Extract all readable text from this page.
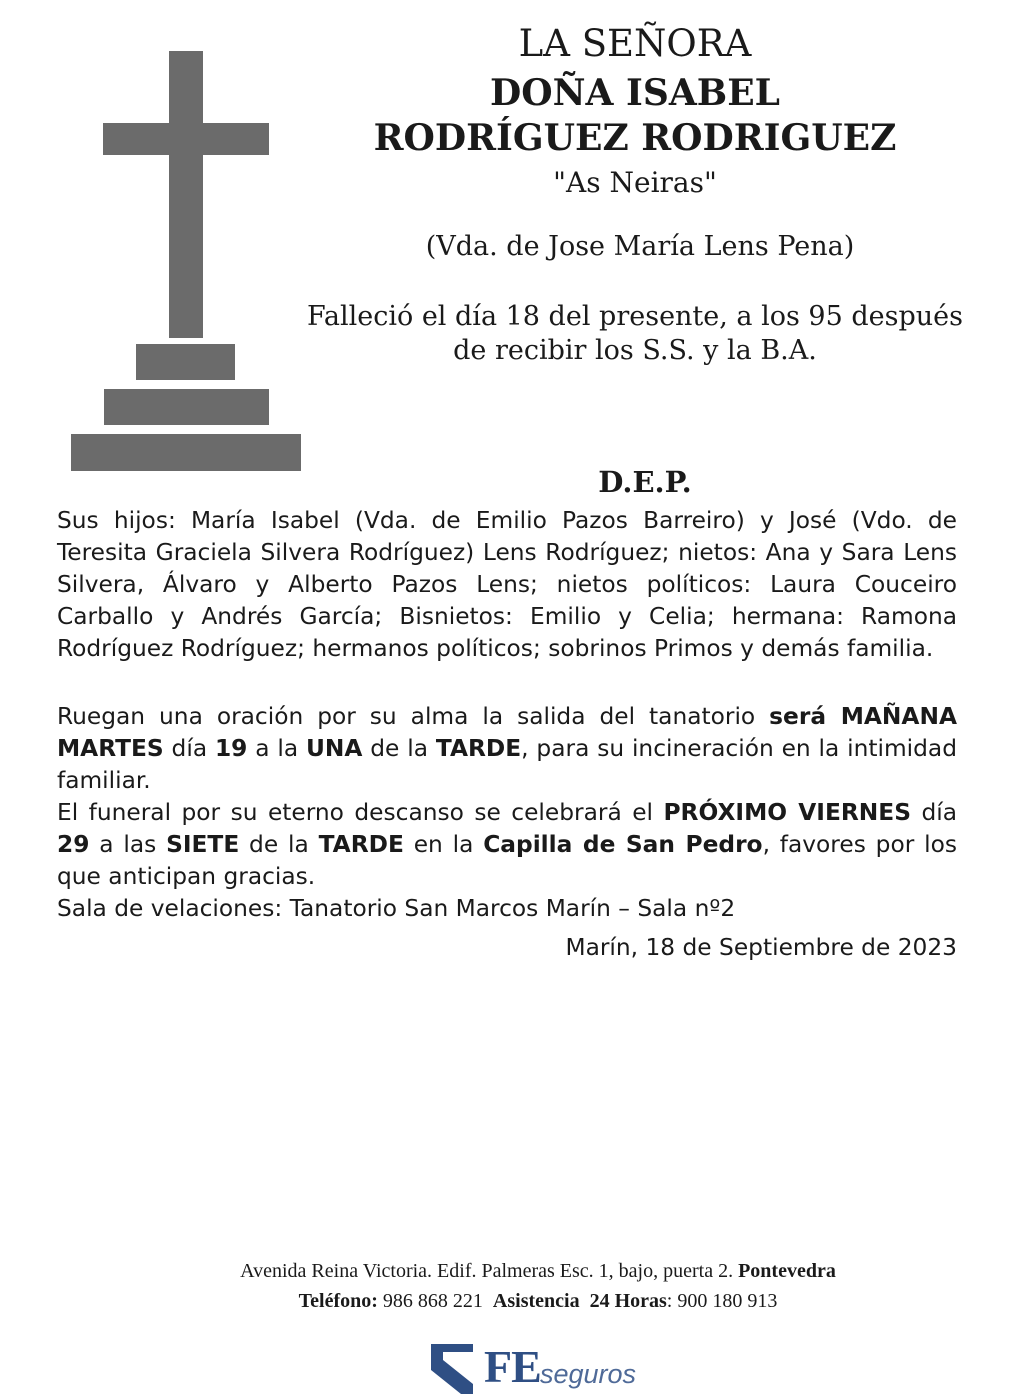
LA SEÑORA
DOÑA ISABEL
RODRÍGUEZ RODRIGUEZ
"As Neiras"
(Vda. de Jose María Lens Pena)
Falleció el día 18 del presente, a los 95 después
de recibir los S.S. y la B.A.
D.E.P.

Sus hijos: María Isabel (Vda. de Emilio Pazos Barreiro) y José (Vdo. de Teresita Graciela Silvera Rodríguez) Lens Rodríguez; nietos: Ana y Sara Lens Silvera, Álvaro y Alberto Pazos Lens; nietos políticos: Laura Couceiro Carballo y Andrés García; Bisnietos: Emilio y Celia; hermana: Ramona Rodríguez Rodríguez; hermanos políticos; sobrinos Primos y demás familia.

Ruegan una oración por su alma la salida del tanatorio será MAÑANA MARTES día 19 a la UNA de la TARDE, para su incineración en la intimidad familiar.

El funeral por su eterno descanso se celebrará el PRÓXIMO VIERNES día 29 a las SIETE de la TARDE en la Capilla de San Pedro, favores por los que anticipan gracias.

Sala de velaciones: Tanatorio San Marcos Marín – Sala nº2

Marín, 18 de Septiembre de 2023

Avenida Reina Victoria. Edif. Palmeras Esc. 1, bajo, puerta 2. Pontevedra
Teléfono: 986 868 221  Asistencia  24 Horas: 900 180 913
FE seguros
